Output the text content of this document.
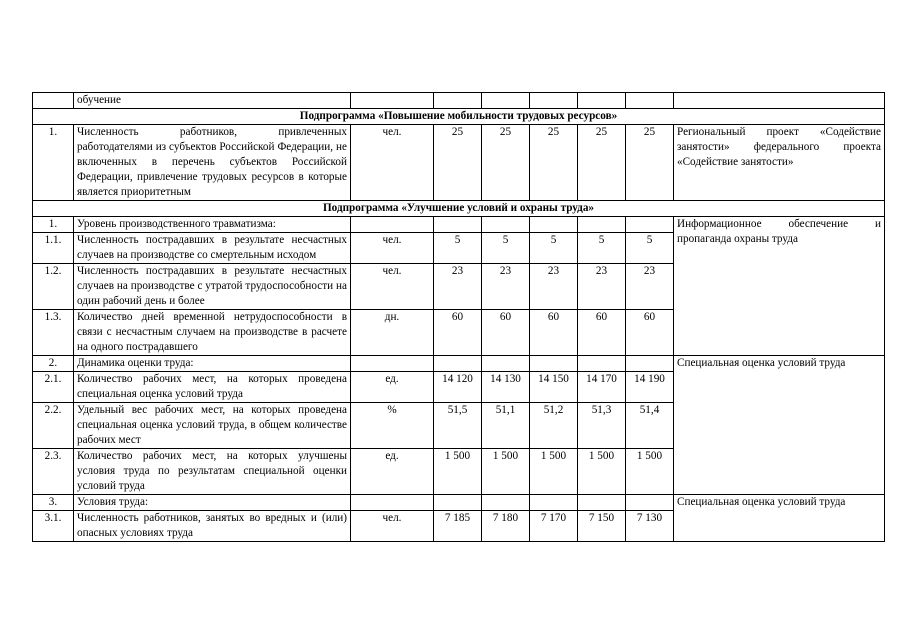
	обучение							
Подпрограмма «Повышение мобильности трудовых ресурсов»								
1.	Численность работников, привлеченных работодателями из субъектов Российской Федерации, не включенных в перечень субъектов Российской Федерации, привлечение трудовых ресурсов в которые является приоритетным	чел.	25	25	25	25	25	Региональный проект «Содействие занятости» федерального проекта «Содействие занятости»
Подпрограмма «Улучшение условий и охраны труда»								
1.	Уровень производственного травматизма:							Информационное обеспечение и пропаганда охраны труда
1.1.	Численность пострадавших в результате несчастных случаев на производстве со смертельным исходом	чел.	5	5	5	5	5	
1.2.	Численность пострадавших в результате несчастных случаев на производстве с утратой трудоспособности на один рабочий день и более	чел.	23	23	23	23	23	
1.3.	Количество дней временной нетрудоспособности в связи с несчастным случаем на производстве в расчете на одного пострадавшего	дн.	60	60	60	60	60	
2.	Динамика оценки труда:							Специальная оценка условий труда
2.1.	Количество рабочих мест, на которых проведена специальная оценка условий труда	ед.	14 120	14 130	14 150	14 170	14 190	
2.2.	Удельный вес рабочих мест, на которых проведена специальная оценка условий труда, в общем количестве рабочих мест	%	51,5	51,1	51,2	51,3	51,4	
2.3.	Количество рабочих мест, на которых улучшены условия труда по результатам специальной оценки условий труда	ед.	1 500	1 500	1 500	1 500	1 500	
3.	Условия труда:							Специальная оценка условий труда
3.1.	Численность работников, занятых во вредных и (или) опасных условиях труда	чел.	7 185	7 180	7 170	7 150	7 130	
